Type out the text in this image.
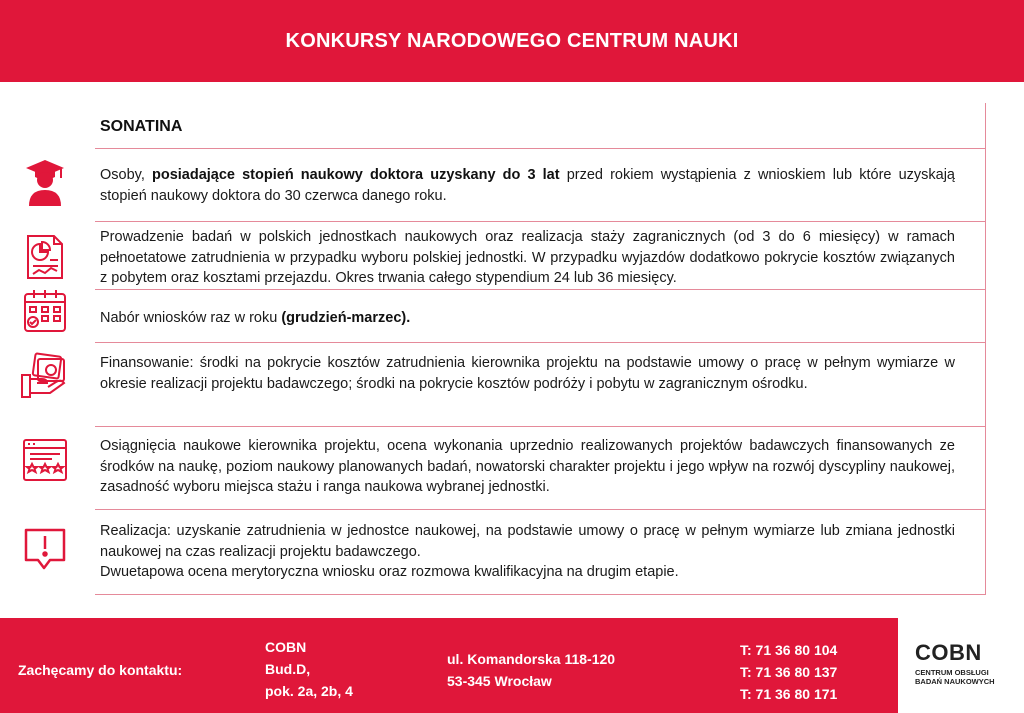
KONKURSY NARODOWEGO CENTRUM NAUKI
SONATINA

Osoby, posiadające stopień naukowy doktora uzyskany do 3 lat przed rokiem wystąpienia z wnioskiem lub które uzyskają stopień naukowy doktora do 30 czerwca danego roku.

Prowadzenie badań w polskich jednostkach naukowych oraz realizacja staży zagranicznych (od 3 do 6 miesięcy) w ramach pełnoetatowe zatrudnienia w przypadku wyboru polskiej jednostki. W przypadku wyjazdów dodatkowo pokrycie kosztów związanych z pobytem oraz kosztami przejazdu. Okres trwania całego stypendium 24 lub 36 miesięcy.

Nabór wniosków raz w roku (grudzień-marzec).

Finansowanie: środki na pokrycie kosztów zatrudnienia kierownika projektu na podstawie umowy o pracę w pełnym wymiarze w okresie realizacji projektu badawczego; środki na pokrycie kosztów podróży i pobytu w zagranicznym ośrodku.

Osiągnięcia naukowe kierownika projektu, ocena wykonania uprzednio realizowanych projektów badawczych finansowanych ze środków na naukę, poziom naukowy planowanych badań, nowatorski charakter projektu i jego wpływ na rozwój dyscypliny naukowej, zasadność wyboru miejsca stażu i ranga naukowa wybranej jednostki.

Realizacja: uzyskanie zatrudnienia w jednostce naukowej, na podstawie umowy o pracę w pełnym wymiarze lub zmiana jednostki naukowej na czas realizacji projektu badawczego.

Dwuetapowa ocena merytoryczna wniosku oraz rozmowa kwalifikacyjna na drugim etapie.

Zachęcamy do kontaktu:
COBN
Bud.D,
pok. 2a, 2b, 4
ul. Komandorska 118-120
53-345 Wrocław
T: 71 36 80 104
T: 71 36 80 137
T: 71 36 80 171
COBN
CENTRUM OBSŁUGI
BADAŃ NAUKOWYCH
